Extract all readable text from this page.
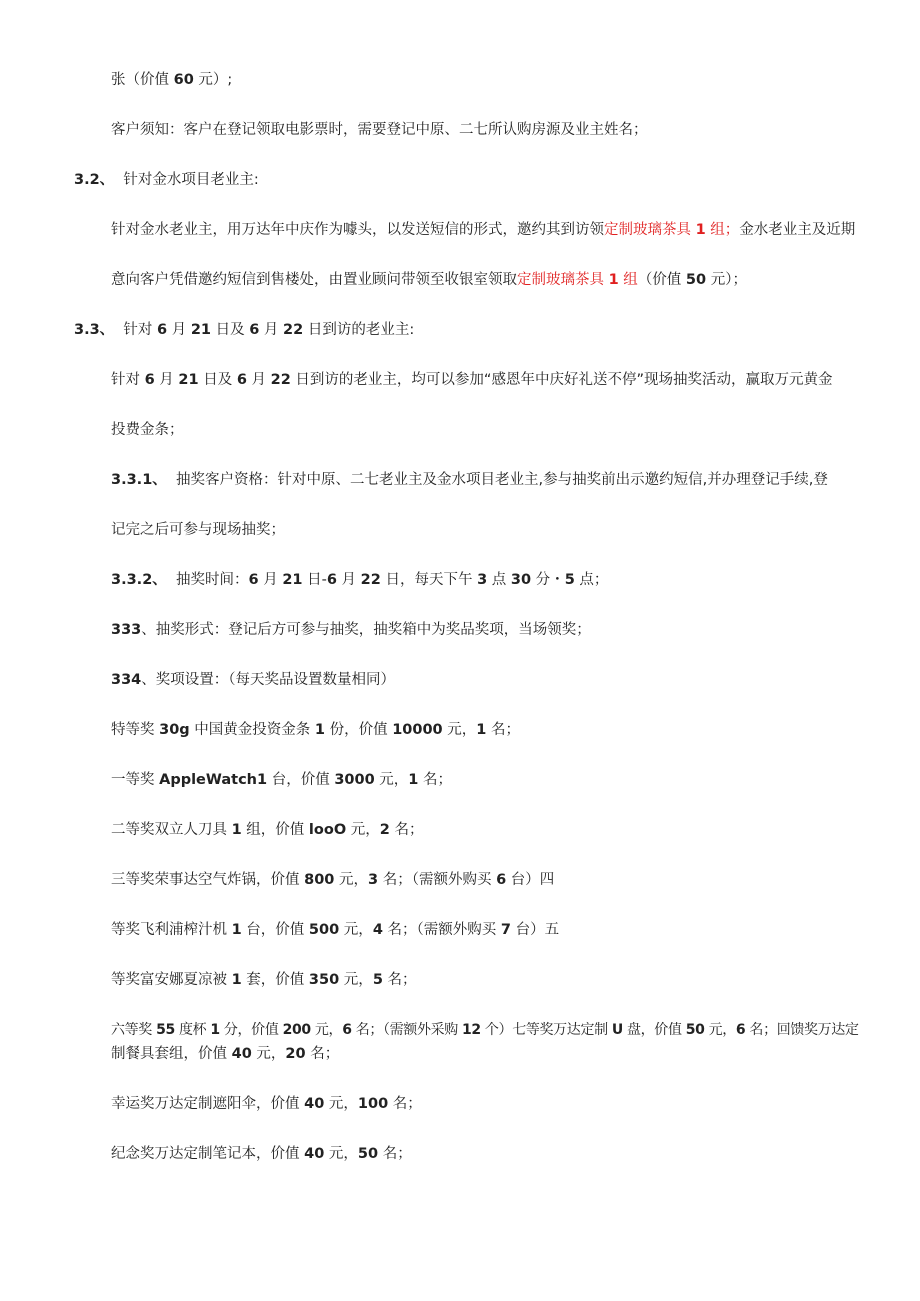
张（价值 60 元）;
客户须知：客户在登记领取电影票时，需要登记中原、二七所认购房源及业主姓名；
3.2、 针对金水项目老业主:
针对金水老业主，用万达年中庆作为噱头，以发送短信的形式，邀约其到访领定制玻璃茶具 1 组；金水老业主及近期
意向客户凭借邀约短信到售楼处，由置业顾问带领至收银室领取定制玻璃茶具 1 组（价值 50 元）；
3.3、 针对 6 月 21 日及 6 月 22 日到访的老业主:
针对 6 月 21 日及 6 月 22 日到访的老业主，均可以参加“感恩年中庆好礼送不停”现场抽奖活动，赢取万元黄金
投费金条；
3.3.1、 抽奖客户资格：针对中原、二七老业主及金水项目老业主,参与抽奖前出示邀约短信,并办理登记手续,登
记完之后可参与现场抽奖；
3.3.2、 抽奖时间：6 月 21 日-6 月 22 日，每天下午 3 点 30 分・5 点；
333、抽奖形式：登记后方可参与抽奖，抽奖箱中为奖品奖项，当场领奖；
334、奖项设置：（每天奖品设置数量相同）
特等奖 30g 中国黄金投资金条 1 份，价值 10000 元，1 名；
一等奖 AppleWatch1 台，价值 3000 元，1 名；
二等奖双立人刀具 1 组，价值 looO 元，2 名；
三等奖荣事达空气炸锅，价值 800 元，3 名；（需额外购买 6 台）四
等奖飞利浦榨汁机 1 台，价值 500 元，4 名；（需额外购买 7 台）五
等奖富安娜夏凉被 1 套，价值 350 元，5 名；
六等奖 55 度杯 1 分，价值 200 元，6 名；（需额外采购 12 个）七等奖万达定制 U 盘，价值 50 元，6 名；回馈奖万达定
制餐具套组，价值 40 元，20 名；
幸运奖万达定制遮阳伞，价值 40 元，100 名；
纪念奖万达定制笔记本，价值 40 元，50 名；
